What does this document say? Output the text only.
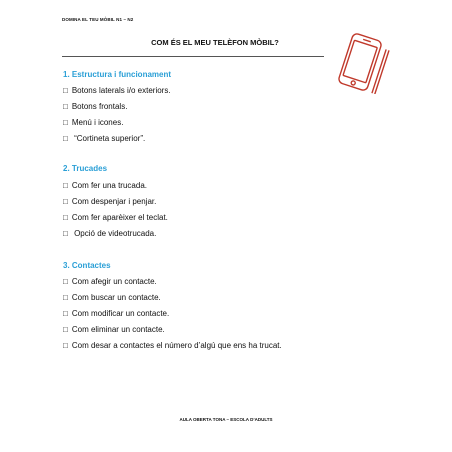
DOMINA EL TEU MÒBIL N1 – N2
COM ÉS EL MEU TELÈFON MÒBIL?
1. Estructura i funcionament
□ Botons laterals i/o exteriors.
□ Botons frontals.
□ Menú i icones.
□ “Cortineta superior”.
2. Trucades
□ Com fer una trucada.
□ Com despenjar i penjar.
□ Com fer aparèixer el teclat.
□ Opció de videotrucada.
3. Contactes
□ Com afegir un contacte.
□ Com buscar un contacte.
□ Com modificar un contacte.
□ Com eliminar un contacte.
□ Com desar a contactes el número d’algú que ens ha trucat.
AULA OBERTA TONA – ESCOLA D’ADULTS
